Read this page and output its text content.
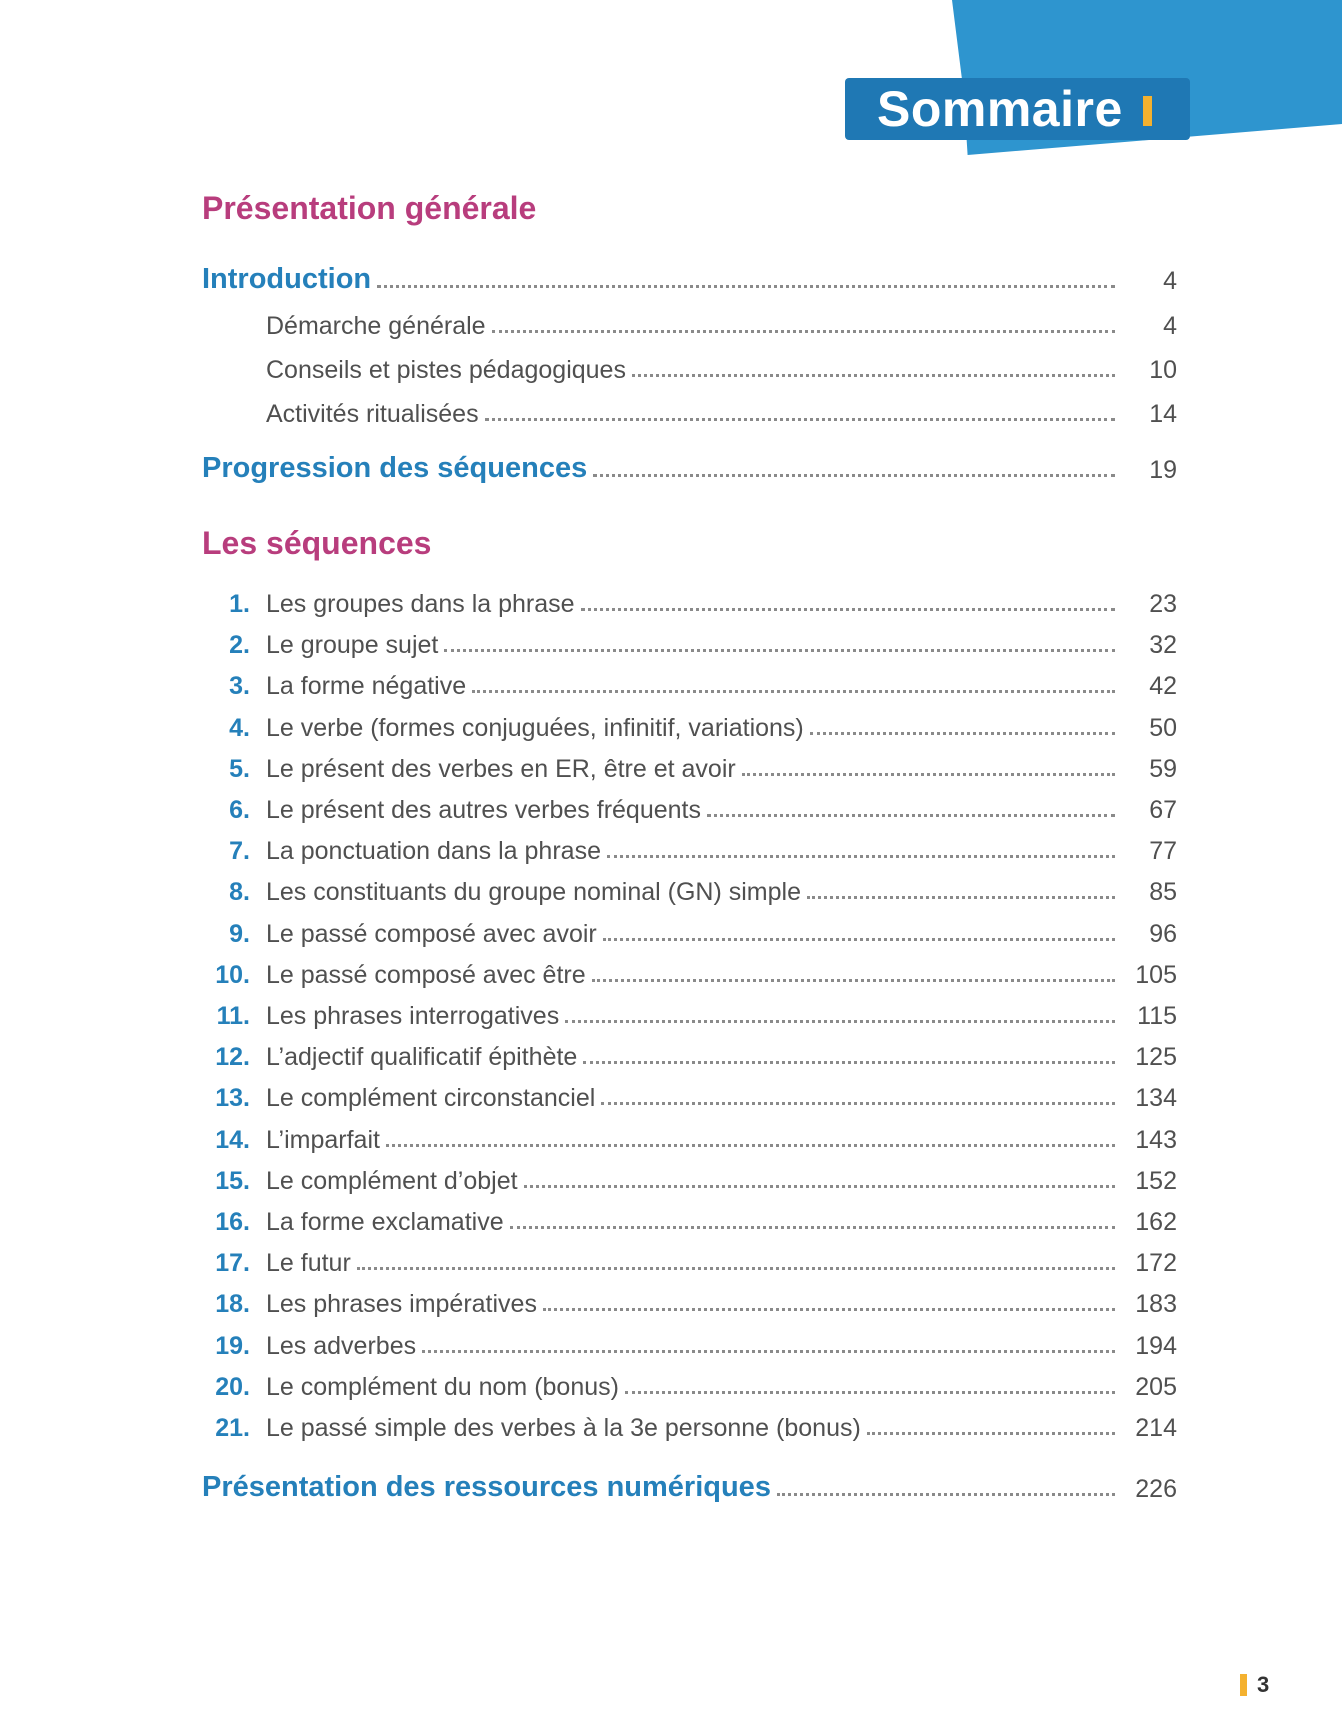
Sommaire
Présentation générale
Introduction	4
Démarche générale	4
Conseils et pistes pédagogiques	10
Activités ritualisées	14
Progression des séquences	19
Les séquences
1. Les groupes dans la phrase	23
2. Le groupe sujet	32
3. La forme négative	42
4. Le verbe (formes conjuguées, infinitif, variations)	50
5. Le présent des verbes en ER, être et avoir	59
6. Le présent des autres verbes fréquents	67
7. La ponctuation dans la phrase	77
8. Les constituants du groupe nominal (GN) simple	85
9. Le passé composé avec avoir	96
10. Le passé composé avec être	105
11. Les phrases interrogatives	115
12. L’adjectif qualificatif épithète	125
13. Le complément circonstanciel	134
14. L’imparfait	143
15. Le complément d’objet	152
16. La forme exclamative	162
17. Le futur	172
18. Les phrases impératives	183
19. Les adverbes	194
20. Le complément du nom (bonus)	205
21. Le passé simple des verbes à la 3e personne (bonus)	214
Présentation des ressources numériques	226
3
